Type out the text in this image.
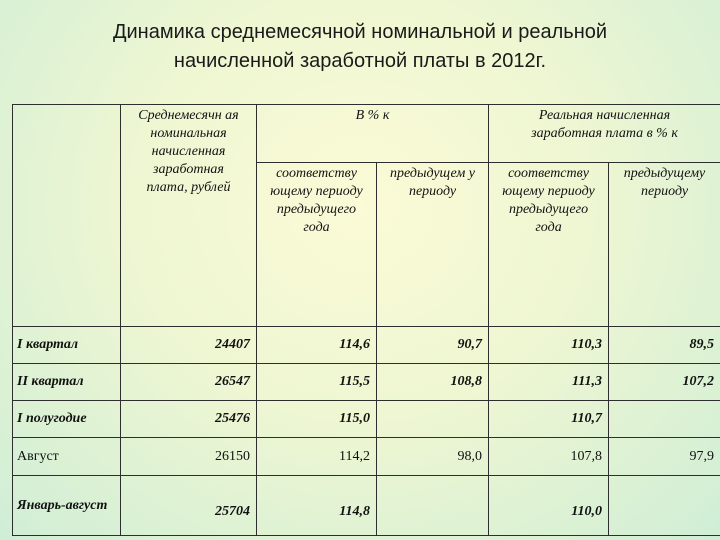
Динамика среднемесячной номинальной и реальной
начисленной заработной платы в 2012г.
	Среднемесячн ая номинальная начисленная заработная плата, рублей	В % к		Реальная начисленная заработная плата в % к		
		соответству ющему периоду предыдущего года	предыдущем у периоду	соответству ющему периоду предыдущего года	предыдущему периоду	
I квартал	24407	114,6	90,7	110,3	89,5	
II квартал	26547	115,5	108,8	111,3	107,2	
I полугодие	25476	115,0		110,7		
Август	26150	114,2	98,0	107,8	97,9	
Январь-август	25704	114,8		110,0		
